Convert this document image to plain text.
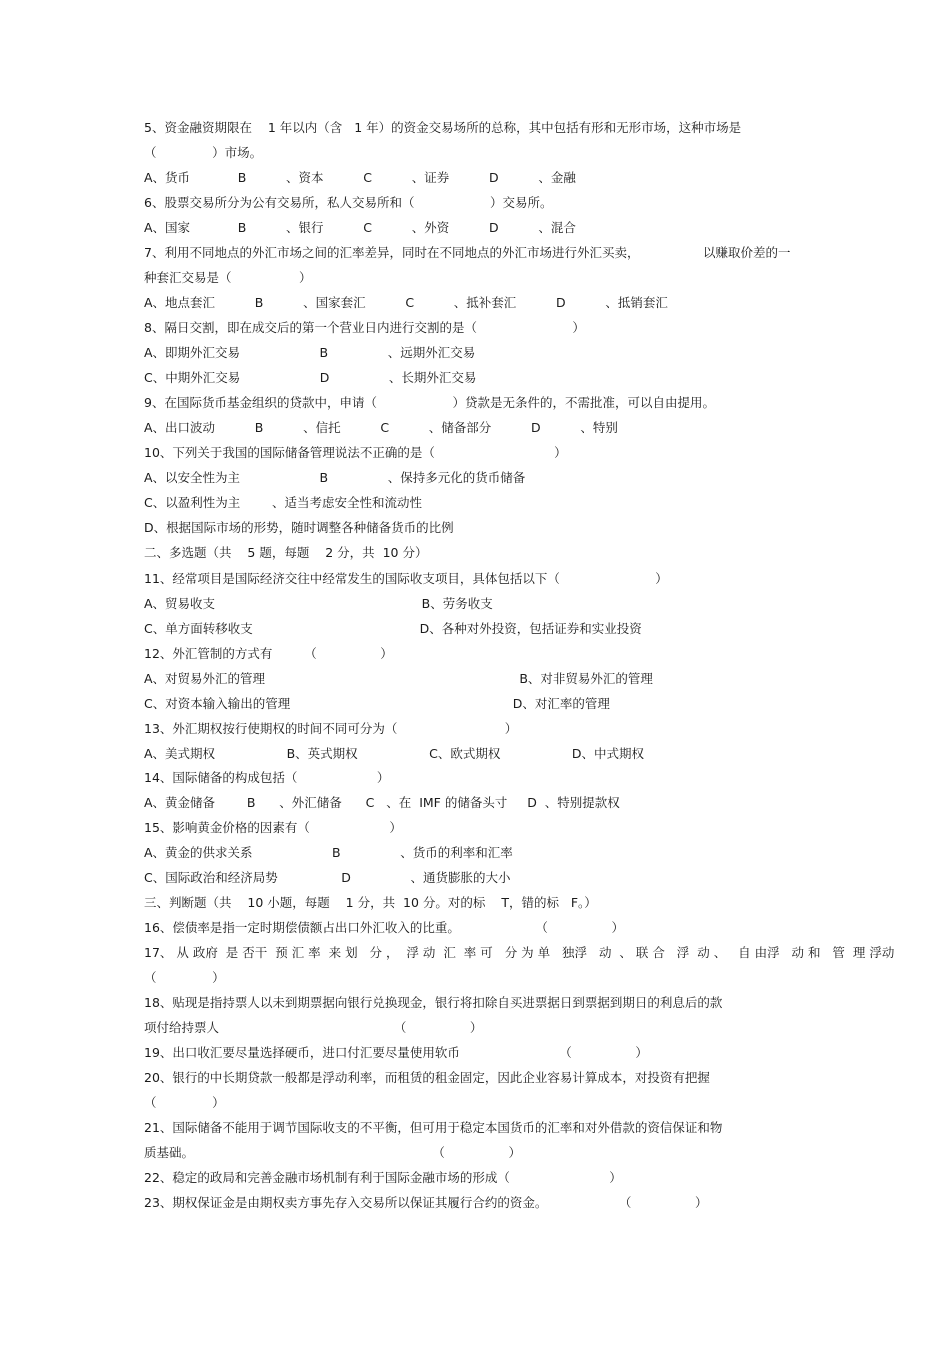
5、资金融资期限在    1 年以内（含   1 年）的资金交易场所的总称，其中包括有形和无形市场，这种市场是
（              ）市场。
A、货币            B          、资本          C          、证券          D          、金融
6、股票交易所分为公有交易所，私人交易所和（                   ）交易所。
A、国家            B          、银行          C          、外资          D          、混合
7、利用不同地点的外汇市场之间的汇率差异，同时在不同地点的外汇市场进行外汇买卖，                以赚取价差的一
种套汇交易是（                 ）
A、地点套汇          B          、国家套汇          C          、抵补套汇          D          、抵销套汇
8、隔日交割，即在成交后的第一个营业日内进行交割的是（                        ）
A、即期外汇交易                    B               、远期外汇交易
C、中期外汇交易                    D               、长期外汇交易
9、在国际货币基金组织的贷款中，申请（                   ）贷款是无条件的，不需批准，可以自由提用。
A、出口波动          B          、信托          C          、储备部分          D          、特别
10、下列关于我国的国际储备管理说法不正确的是（                              ）
A、以安全性为主                    B               、保持多元化的货币储备
C、以盈利性为主        、适当考虑安全性和流动性
D、根据国际市场的形势，随时调整各种储备货币的比例
二、多选题（共    5 题，每题    2 分，共  10 分）
11、经常项目是国际经济交往中经常发生的国际收支项目，具体包括以下（                        ）
A、贸易收支                                                    B、劳务收支
C、单方面转移收支                                          D、各种对外投资，包括证券和实业投资
12、外汇管制的方式有        （                ）
A、对贸易外汇的管理                                                                B、对非贸易外汇的管理
C、对资本输入输出的管理                                                        D、对汇率的管理
13、外汇期权按行使期权的时间不同可分为（                           ）
A、美式期权                  B、英式期权                  C、欧式期权                  D、中式期权
14、国际储备的构成包括（                    ）
A、黄金储备        B      、外汇储备      C   、在  IMF 的储备头寸     D  、特别提款权
15、影响黄金价格的因素有（                    ）
A、黄金的供求关系                    B               、货币的利率和汇率
C、国际政治和经济局势                D               、通货膨胀的大小
三、判断题（共    10 小题，每题    1 分，共  10 分。对的标    T，错的标   F。）
16、偿债率是指一定时期偿债额占出口外汇收入的比重。                   （                ）
17、 从 政府  是 否干  预 汇 率  来 划   分 ，  浮 动  汇  率 可   分 为 单   独浮   动  、 联 合   浮  动 、   自 由浮   动 和   管  理 浮动
（              ）
18、贴现是指持票人以未到期票据向银行兑换现金，银行将扣除自买进票据日到票据到期日的利息后的款
项付给持票人                                            （                ）
19、出口收汇要尽量选择硬币，进口付汇要尽量使用软币                         （                ）
20、银行的中长期贷款一般都是浮动利率，而租赁的租金固定，因此企业容易计算成本，对投资有把握
（              ）
21、国际储备不能用于调节国际收支的不平衡，但可用于稳定本国货币的汇率和对外借款的资信保证和物
质基础。                                                            （                ）
22、稳定的政局和完善金融市场机制有利于国际金融市场的形成（                         ）
23、期权保证金是由期权卖方事先存入交易所以保证其履行合约的资金。                  （                ）
